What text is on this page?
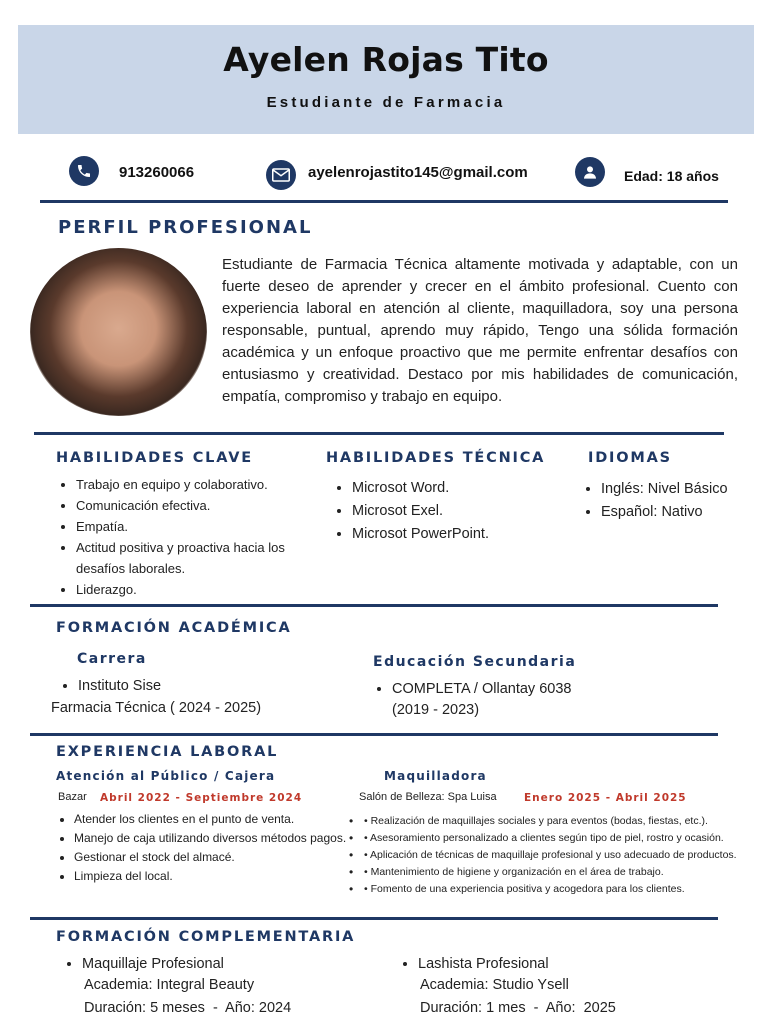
Ayelen Rojas Tito
Estudiante de Farmacia
913260066	ayelenrojastito145@gmail.com	Edad: 18 años
PERFIL PROFESIONAL
Estudiante de Farmacia Técnica altamente motivada y adaptable, con un fuerte deseo de aprender y crecer en el ámbito profesional. Cuento con experiencia laboral en atención al cliente, maquilladora, soy una persona responsable, puntual, aprendo muy rápido, Tengo una sólida formación académica y un enfoque proactivo que me permite enfrentar desafíos con entusiasmo y creatividad. Destaco por mis habilidades de comunicación, empatía, compromiso y trabajo en equipo.
HABILIDADES CLAVE
• Trabajo en equipo y colaborativo.
• Comunicación efectiva.
• Empatía.
• Actitud positiva y proactiva hacia los desafíos laborales.
• Liderazgo.
HABILIDADES TÉCNICA
• Microsot Word.
• Microsot Exel.
• Microsot PowerPoint.
IDIOMAS
• Inglés: Nivel Básico
• Español: Nativo
FORMACIÓN ACADÉMICA
Carrera
• Instituto Sise
Farmacia Técnica ( 2024 - 2025)
Educación Secundaria
• COMPLETA / Ollantay 6038
(2019 - 2023)
EXPERIENCIA LABORAL
Atención al Público / Cajera
Bazar Abril 2022 - Septiembre 2024
• Atender los clientes en el punto de venta.
• Manejo de caja utilizando diversos métodos pagos.
• Gestionar el stock del almacé.
• Limpieza del local.
Maquilladora
Salón de Belleza: Spa Luisa	Enero 2025 - Abril 2025
• • Realización de maquillajes sociales y para eventos (bodas, fiestas, etc.).
• • Asesoramiento personalizado a clientes según tipo de piel, rostro y ocasión.
• • Aplicación de técnicas de maquillaje profesional y uso adecuado de productos.
• • Mantenimiento de higiene y organización en el área de trabajo.
• • Fomento de una experiencia positiva y acogedora para los clientes.
FORMACIÓN COMPLEMENTARIA
• Maquillaje Profesional
Academia: Integral Beauty
Duración: 5 meses  -  Año: 2024
• Lashista Profesional
Academia: Studio Ysell
Duración: 1 mes  -  Año:  2025
